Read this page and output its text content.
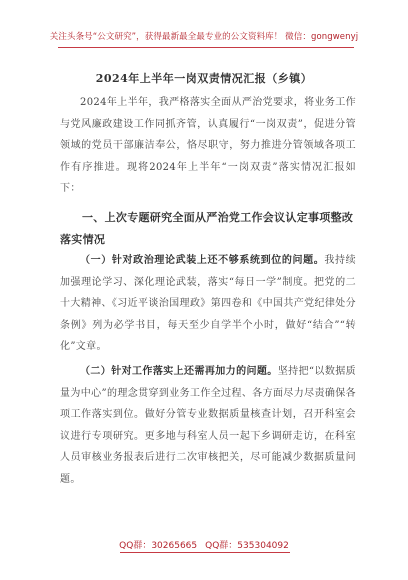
关注头条号“公文研究”，获得最新最全最专业的公文资料库！ 微信：gongwenyj
2024年上半年一岗双责情况汇报（乡镇）
2024年上半年，我严格落实全面从严治党要求，将业务工作与党风廉政建设工作同抓齐管，认真履行“一岗双责”，促进分管领域的党员干部廉洁奉公，恪尽职守，努力推进分管领域各项工作有序推进。现将2024年上半年“一岗双责”落实情况汇报如下：
一、上次专题研究全面从严治党工作会议认定事项整改落实情况
（一）针对政治理论武装上还不够系统到位的问题。我持续加强理论学习、深化理论武装，落实“每日一学”制度。把党的二十大精神、《习近平谈治国理政》第四卷和《中国共产党纪律处分条例》列为必学书目，每天至少自学半个小时，做好“结合”“转化”文章。
（二）针对工作落实上还需再加力的问题。坚持把“以数据质量为中心”的理念贯穿到业务工作全过程、各方面尽力尽责确保各项工作落实到位。做好分管专业数据质量核查计划，召开科室会议进行专项研究。更多地与科室人员一起下乡调研走访，在科室人员审核业务报表后进行二次审核把关，尽可能减少数据质量问题。
QQ群：30265665 QQ群：535304092
